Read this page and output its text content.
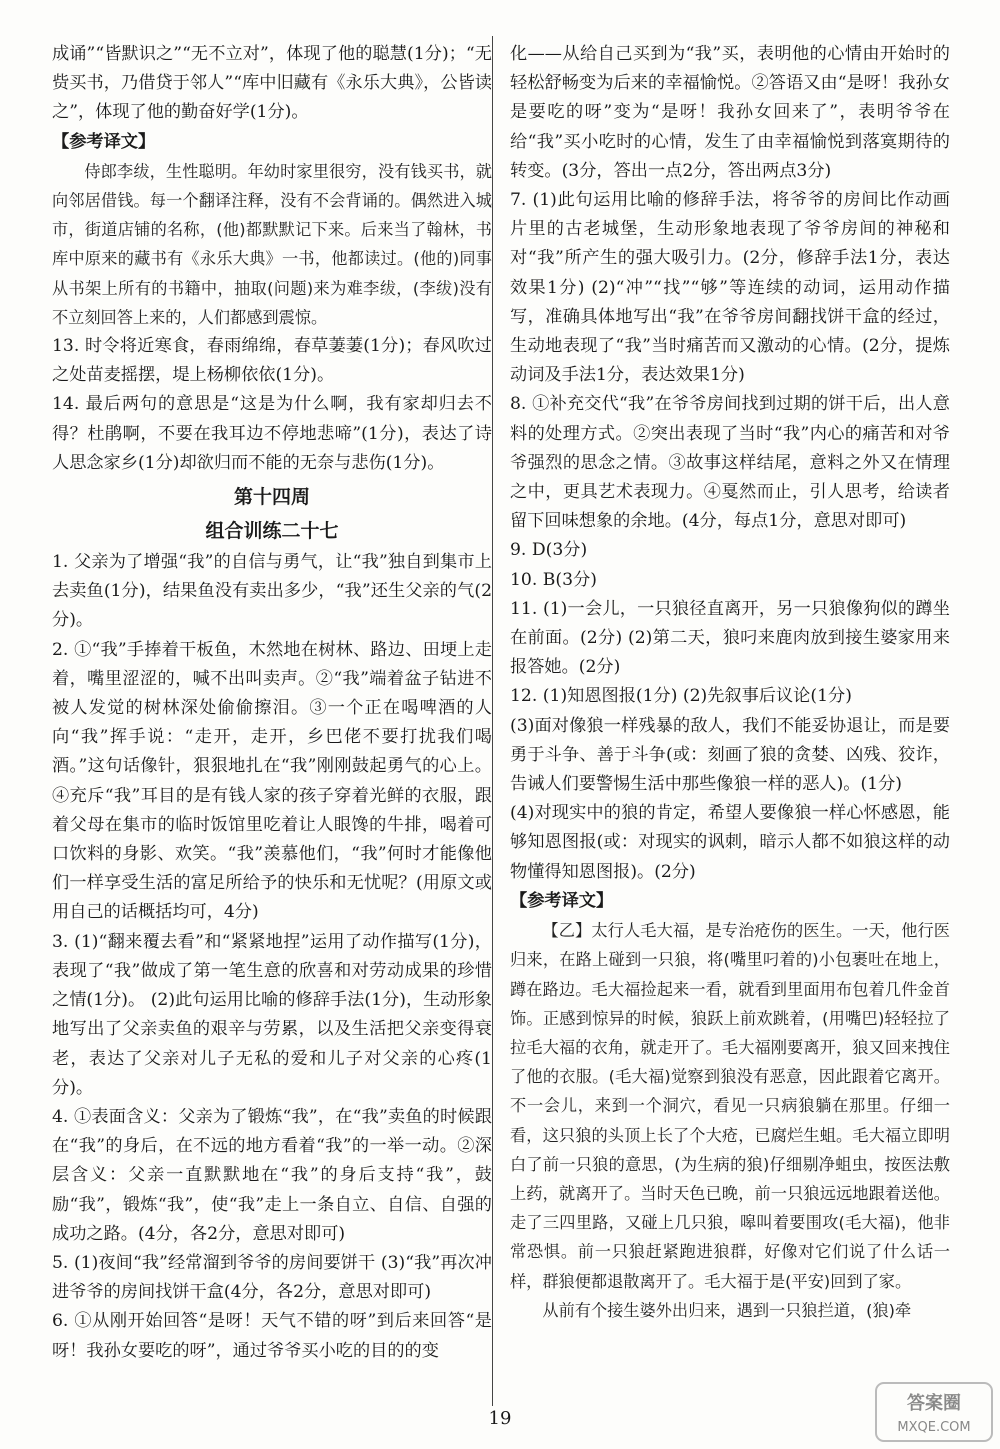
成诵”“皆默识之”“无不立对”，体现了他的聪慧(1分)；“无赀买书，乃借贷于邻人”“库中旧藏有《永乐大典》，公皆读之”，体现了他的勤奋好学(1分)。

【参考译文】

侍郎李绂，生性聪明。年幼时家里很穷，没有钱买书，就向邻居借钱。每一个翻译注释，没有不会背诵的。偶然进入城市，街道店铺的名称，(他)都默默记下来。后来当了翰林，书库中原来的藏书有《永乐大典》一书，他都读过。(他的)同事从书架上所有的书籍中，抽取(问题)来为难李绂，(李绂)没有不立刻回答上来的，人们都感到震惊。

13. 时令将近寒食，春雨绵绵，春草萋萋(1分)；春风吹过之处苗麦摇摆，堤上杨柳依依(1分)。

14. 最后两句的意思是“这是为什么啊，我有家却归去不得？杜鹃啊，不要在我耳边不停地悲啼”(1分)，表达了诗人思念家乡(1分)却欲归而不能的无奈与悲伤(1分)。

第十四周
组合训练二十七

1. 父亲为了增强“我”的自信与勇气，让“我”独自到集市上去卖鱼(1分)，结果鱼没有卖出多少，“我”还生父亲的气(2分)。

2. ①“我”手捧着干板鱼，木然地在树林、路边、田埂上走着，嘴里涩涩的，喊不出叫卖声。②“我”端着盆子钻进不被人发觉的树林深处偷偷擦泪。③一个正在喝啤酒的人向“我”挥手说：“走开，走开，乡巴佬不要打扰我们喝酒。”这句话像针，狠狠地扎在“我”刚刚鼓起勇气的心上。④充斥“我”耳目的是有钱人家的孩子穿着光鲜的衣服，跟着父母在集市的临时饭馆里吃着让人眼馋的牛排，喝着可口饮料的身影、欢笑。“我”羡慕他们，“我”何时才能像他们一样享受生活的富足所给予的快乐和无忧呢？(用原文或用自己的话概括均可，4分)

3. (1)“翻来覆去看”和“紧紧地捏”运用了动作描写(1分)，表现了“我”做成了第一笔生意的欣喜和对劳动成果的珍惜之情(1分)。 (2)此句运用比喻的修辞手法(1分)，生动形象地写出了父亲卖鱼的艰辛与劳累，以及生活把父亲变得衰老，表达了父亲对儿子无私的爱和儿子对父亲的心疼(1分)。

4. ①表面含义：父亲为了锻炼“我”，在“我”卖鱼的时候跟在“我”的身后，在不远的地方看着“我”的一举一动。②深层含义：父亲一直默默地在“我”的身后支持“我”，鼓励“我”，锻炼“我”，使“我”走上一条自立、自信、自强的成功之路。(4分，各2分，意思对即可)

5. (1)夜间“我”经常溜到爷爷的房间要饼干 (3)“我”再次冲进爷爷的房间找饼干盒(4分，各2分，意思对即可)

6. ①从刚开始回答“是呀！天气不错的呀”到后来回答“是呀！我孙女要吃的呀”，通过爷爷买小吃的目的的变

化——从给自己买到为“我”买，表明他的心情由开始时的轻松舒畅变为后来的幸福愉悦。②答语又由“是呀！我孙女是要吃的呀”变为“是呀！我孙女回来了”，表明爷爷在给“我”买小吃时的心情，发生了由幸福愉悦到落寞期待的转变。(3分，答出一点2分，答出两点3分)

7. (1)此句运用比喻的修辞手法，将爷爷的房间比作动画片里的古老城堡，生动形象地表现了爷爷房间的神秘和对“我”所产生的强大吸引力。(2分，修辞手法1分，表达效果1分) (2)“冲”“找”“够”等连续的动词，运用动作描写，准确具体地写出“我”在爷爷房间翻找饼干盒的经过，生动地表现了“我”当时痛苦而又激动的心情。(2分，提炼动词及手法1分，表达效果1分)

8. ①补充交代“我”在爷爷房间找到过期的饼干后，出人意料的处理方式。②突出表现了当时“我”内心的痛苦和对爷爷强烈的思念之情。③故事这样结尾，意料之外又在情理之中，更具艺术表现力。④戛然而止，引人思考，给读者留下回味想象的余地。(4分，每点1分，意思对即可)

9. D(3分)

10. B(3分)

11. (1)一会儿，一只狼径直离开，另一只狼像狗似的蹲坐在前面。(2分) (2)第二天，狼叼来鹿肉放到接生婆家用来报答她。(2分)

12. (1)知恩图报(1分) (2)先叙事后议论(1分)

(3)面对像狼一样残暴的敌人，我们不能妥协退让，而是要勇于斗争、善于斗争(或：刻画了狼的贪婪、凶残、狡诈，告诫人们要警惕生活中那些像狼一样的恶人)。(1分)

(4)对现实中的狼的肯定，希望人要像狼一样心怀感恩，能够知恩图报(或：对现实的讽刺，暗示人都不如狼这样的动物懂得知恩图报)。(2分)

【参考译文】

【乙】太行人毛大福，是专治疮伤的医生。一天，他行医归来，在路上碰到一只狼，将(嘴里叼着的)小包裹吐在地上，蹲在路边。毛大福捡起来一看，就看到里面用布包着几件金首饰。正感到惊异的时候，狼跃上前欢跳着，(用嘴巴)轻轻拉了拉毛大福的衣角，就走开了。毛大福刚要离开，狼又回来拽住了他的衣服。(毛大福)觉察到狼没有恶意，因此跟着它离开。不一会儿，来到一个洞穴，看见一只病狼躺在那里。仔细一看，这只狼的头顶上长了个大疮，已腐烂生蛆。毛大福立即明白了前一只狼的意思，(为生病的狼)仔细剔净蛆虫，按医法敷上药，就离开了。当时天色已晚，前一只狼远远地跟着送他。走了三四里路，又碰上几只狼，嗥叫着要围攻(毛大福)，他非常恐惧。前一只狼赶紧跑进狼群，好像对它们说了什么话一样，群狼便都退散离开了。毛大福于是(平安)回到了家。

从前有个接生婆外出归来，遇到一只狼拦道，(狼)牵

19
答案圈
MXQE.COM
